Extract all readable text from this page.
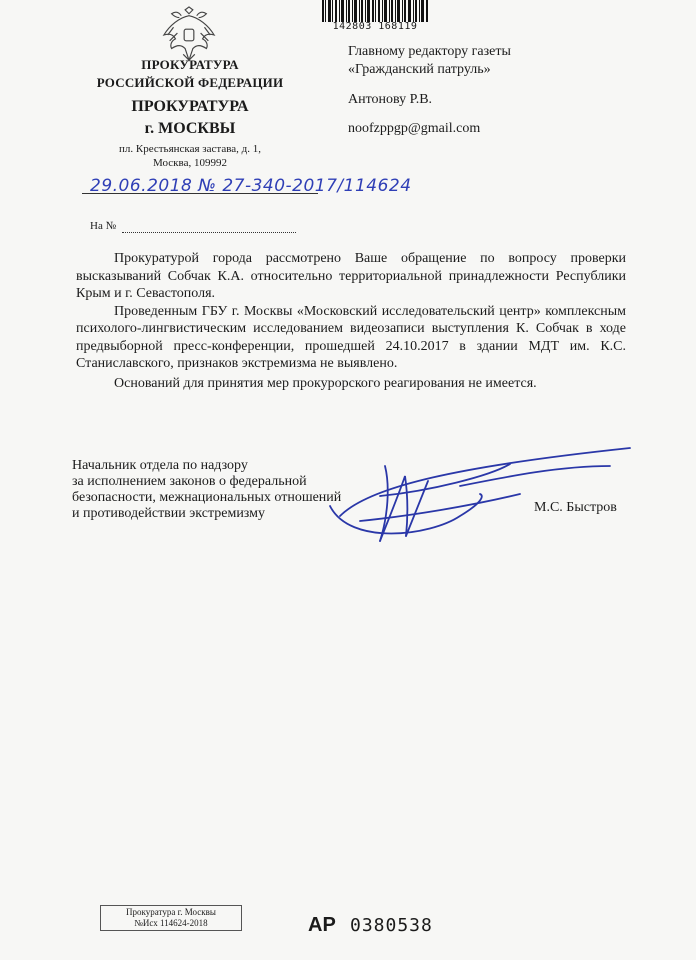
ПРОКУРАТУРА
РОССИЙСКОЙ ФЕДЕРАЦИИ
ПРОКУРАТУРА
г. МОСКВЫ
пл. Крестьянская застава, д. 1,
Москва, 109992
29.06.2018 № 27-340-2017/114624
На №
142803 168119
Главному редактору газеты
«Гражданский патруль»
Антонову Р.В.
noofzppgp@gmail.com

Прокуратурой города рассмотрено Ваше обращение по вопросу проверки высказываний Собчак К.А. относительно территориальной принадлежности Республики Крым и г. Севастополя.

Проведенным ГБУ г. Москвы «Московский исследовательский центр» комплексным психолого-лингвистическим исследованием видеозаписи выступления К. Собчак в ходе предвыборной пресс-конференции, прошедшей 24.10.2017 в здании МДТ им. К.С. Станиславского, признаков экстремизма не выявлено.

Оснований для принятия мер прокурорского реагирования не имеется.

Начальник отдела по надзору
за исполнением законов о федеральной
безопасности, межнациональных отношений
и противодействии экстремизму	М.С. Быстров
Прокуратура г. Москвы
№Исх 114624-2018	АР 0380538
